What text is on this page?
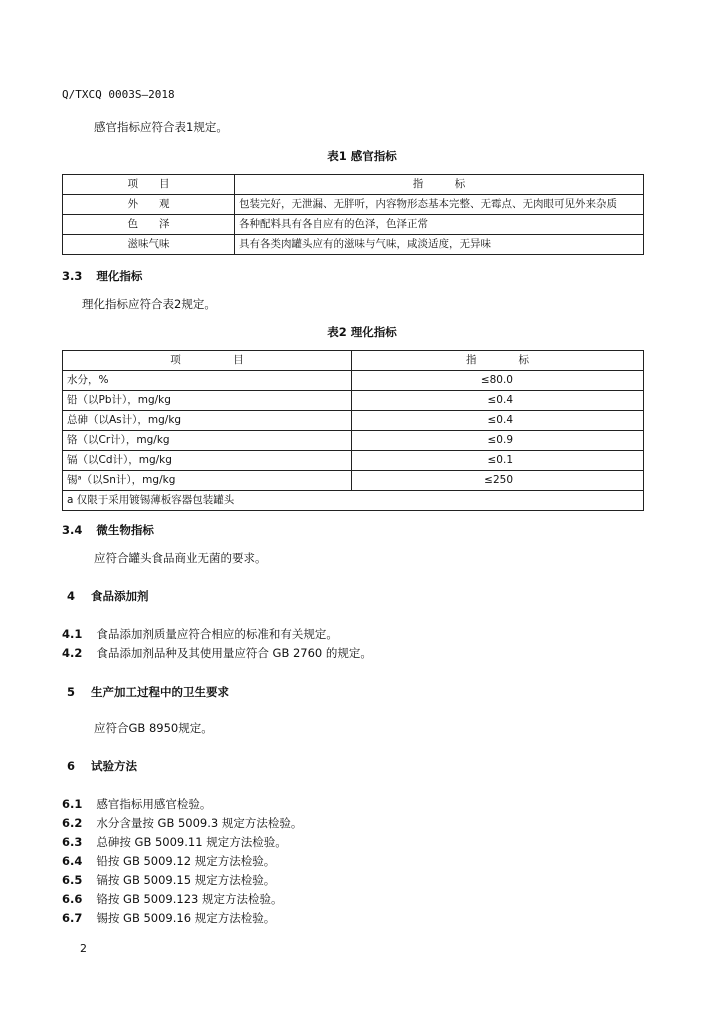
Q/TXCQ 0003S—2018
感官指标应符合表1规定。
表1 感官指标
项　　目	指　　　标
外　　观	包装完好，无泄漏、无胖听，内容物形态基本完整、无霉点、无肉眼可见外来杂质
色　　泽	各种配料具有各自应有的色泽，色泽正常
滋味气味	具有各类肉罐头应有的滋味与气味，咸淡适度，无异味
3.3 理化指标
理化指标应符合表2规定。
表2 理化指标
项　　　　　目	指　　　　标
水分，%	≤80.0
铅（以Pb计），mg/kg	≤0.4
总砷（以As计），mg/kg	≤0.4
铬（以Cr计），mg/kg	≤0.9
镉（以Cd计），mg/kg	≤0.1
锡ᵃ（以Sn计），mg/kg	≤250
a 仅限于采用镀锡薄板容器包装罐头	
3.4 微生物指标
应符合罐头食品商业无菌的要求。
4 食品添加剂
4.1 食品添加剂质量应符合相应的标准和有关规定。
4.2 食品添加剂品种及其使用量应符合 GB 2760 的规定。
5 生产加工过程中的卫生要求
应符合GB 8950规定。
6 试验方法
6.1 感官指标用感官检验。
6.2 水分含量按 GB 5009.3 规定方法检验。
6.3 总砷按 GB 5009.11 规定方法检验。
6.4 铅按 GB 5009.12 规定方法检验。
6.5 镉按 GB 5009.15 规定方法检验。
6.6 铬按 GB 5009.123 规定方法检验。
6.7 锡按 GB 5009.16 规定方法检验。
2
